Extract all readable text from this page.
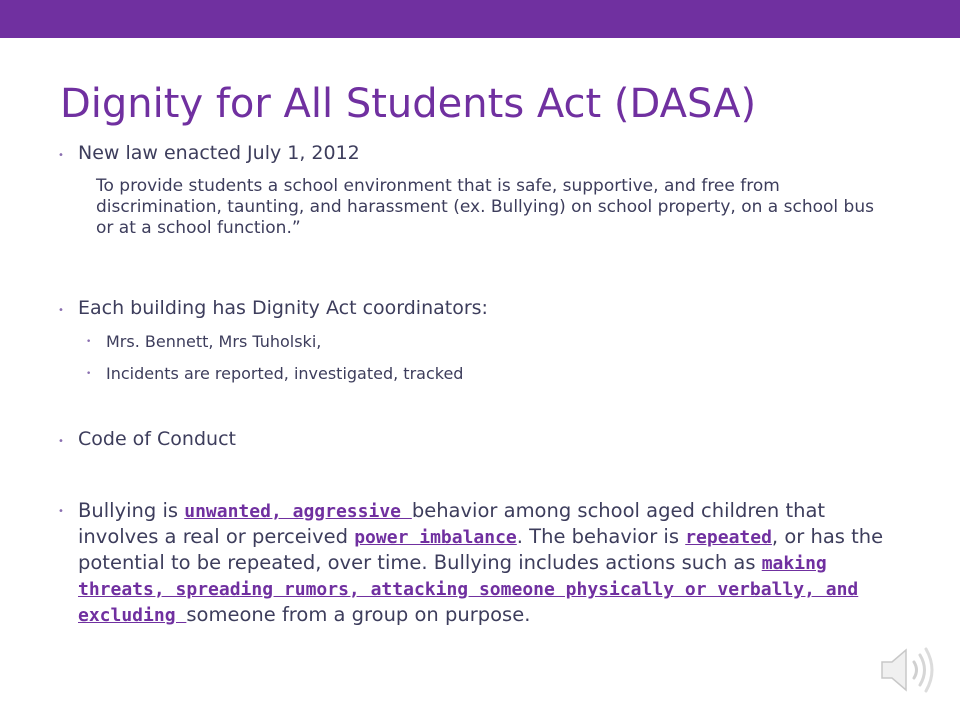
Dignity for All Students Act (DASA)
• New law enacted July 1, 2012
To provide students a school environment that is safe, supportive, and free from discrimination, taunting, and harassment (ex. Bullying) on school property, on a school bus or at a school function.”
• Each building has Dignity Act coordinators:
• Mrs. Bennett, Mrs Tuholski,
• Incidents are reported, investigated, tracked
• Code of Conduct
• Bullying is unwanted, aggressive behavior among school aged children that involves a real or perceived power imbalance. The behavior is repeated, or has the potential to be repeated, over time. Bullying includes actions such as making threats, spreading rumors, attacking someone physically or verbally, and excluding someone from a group on purpose.
